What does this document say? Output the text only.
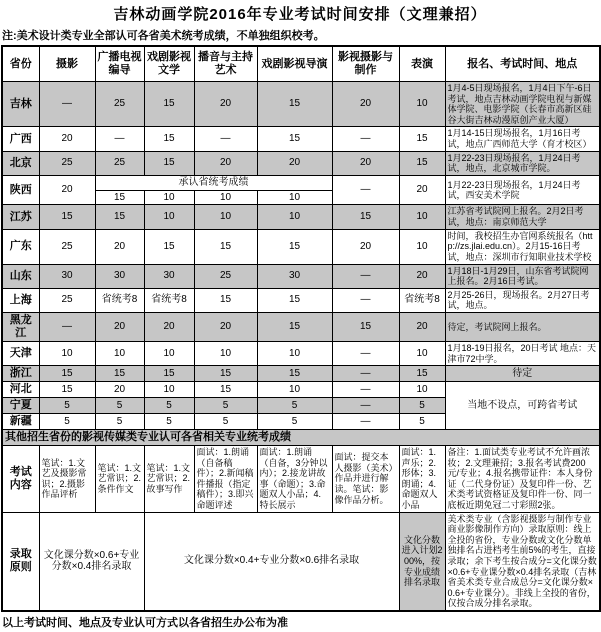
吉林动画学院2016年专业考试时间安排（文理兼招）
注:美术设计类专业全部认可各省美术统考成绩，不单独组织校考。
省份	摄影	广播电视编导	戏剧影视文学	播音与主持艺术	戏剧影视导演	影视摄影与制作	表演	报名、考试时间、地点
吉林	—	25	15	20	15	20	10	1月4-5日现场报名，1月4日下午-6日考试，地点吉林动画学院电视与新媒体学院、电影学院（长春市高新区硅谷大街吉林动漫原创产业大厦）
广西	20	—	15	—	15	—	15	1月14-15日现场报名，1月16日考试，地点广西师范大学（育才校区）
北京	25	25	15	20	20	20	15	1月22-23日现场报名，1月24日考试，地点，北京城市学院。
陕西	20	承认省统考成绩				—	20	1月22-23日现场报名，1月24日考试，西安美术学院
		15	10	10	10			
江苏	15	15	10	10	10	15	10	江苏省考试院网上报名。2月2日考试，地点：南京师范大学
广东	25	20	15	15	15	20	10	时间，我校招生办官网系统报名（http://zs.jlai.edu.cn）。2月15-16日考试，地点：深圳市行知职业技术学校
山东	30	30	30	25	30	—	20	1月18日-1月29日，山东省考试院网上报名。2月16日考试。
上海	25	省统考8	省统考8	15	15	—	省统考8	2月25-26日，现场报名。2月27日考试，地点。
黑龙江	—	20	20	20	15	15	20	待定，考试院网上报名。
天津	10	10	10	10	10	—	10	1月18-19日报名，20日考试 地点：天津市72中学。
浙江	15	15	15	15	15	—	15	待定
河北	15	20	10	15	10	—	10	当地不设点，可跨省考试
宁夏	5	5	5	5	5	—	5	
新疆	5	5	5	5	5	—	5	
其他招生省份的影视传媒类专业认可各省相关专业统考成绩								
考试内容	笔试：1.文艺及摄影常识；2.摄影作品评析	笔试：1.文艺常识；2.条件作文	笔试：1.文艺常识；2.故事写作	面试：1.朗诵（自备稿件）；2.新闻稿件播报（指定稿件）；3.即兴命题评述	面试：1.朗诵（自备，3分钟以内）；2.接龙讲故事（命题）；3.命题双人小品；4.特长展示	面试：提交本人摄影（美术）作品并进行解读。笔试：影像作品分析。	面试：1.声乐；2.形体；3.朗诵；4.命题双人小品	备注：1.面试类专业考试不允许画浓妆；2.文理兼招；3.报名考试费200元/专业；4.报名携带证件：本人身份证（二代身份证）及复印件一份、艺术类考试资格证及复印件一份、同一底板近期免冠二寸彩照2张。
录取原则	文化课分数×0.6+专业分数×0.4排名录取		文化课分数×0.4+专业分数×0.6排名录取				文化分数进入计划200%，按专业成绩排名录取	美术类专业（含影视摄影与制作专业商业影像制作方向）录取原则：线上全投的省份，专业分数或文化分数单独排名占进档考生前5%的考生，直接录取；余下考生按合成分=文化课分数×0.6+专业课分数×0.4排名录取（吉林省美术类专业合成总分=文化课分数×0.6+专业课分）。非线上全投的省份，仅按合成分排名录取。
以上考试时间、地点及专业认可方式以各省招生办公布为准
